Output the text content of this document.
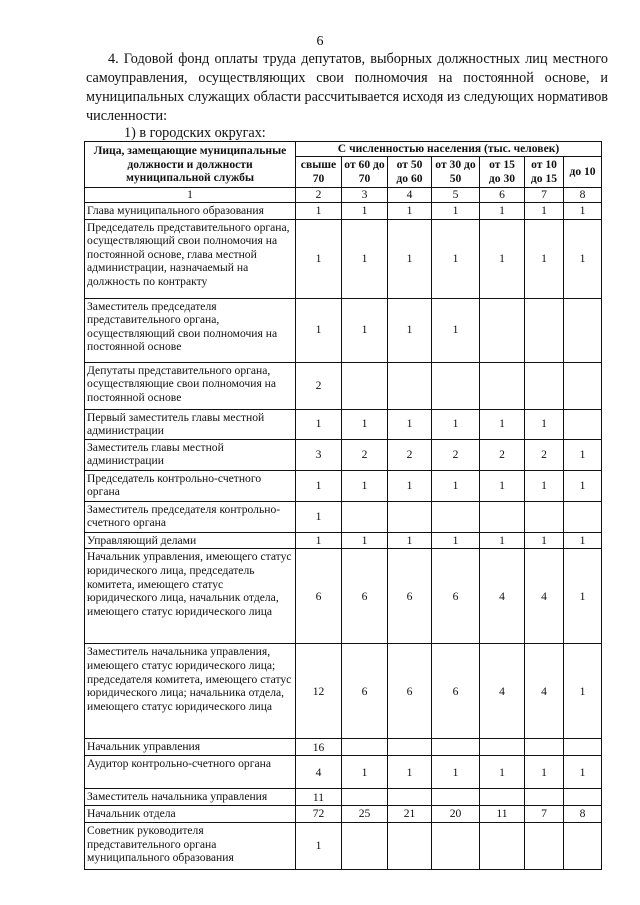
6

4. Годовой фонд оплаты труда депутатов, выборных должностных лиц местного самоуправления, осуществляющих свои полномочия на постоянной основе, и муниципальных служащих области рассчитывается исходя из следующих нормативов численности:

1) в городских округах:
Лица, замещающие муниципальные должности и должности муниципальной службы	С численностью населения (тыс. человек)						
	свыше 70	от 60 до 70	от 50 до 60	от 30 до 50	от 15 до 30	от 10 до 15	до 10
1	2	3	4	5	6	7	8
Глава муниципального образования	1	1	1	1	1	1	1
Председатель представительного органа, осуществляющий свои полномочия на постоянной основе, глава местной администрации, назначаемый на должность по контракту	1	1	1	1	1	1	1
Заместитель председателя представительного органа, осуществляющий свои полномочия на постоянной основе	1	1	1	1			
Депутаты представительного органа, осуществляющие свои полномочия на постоянной основе	2						
Первый заместитель главы местной администрации	1	1	1	1	1	1	
Заместитель главы местной администрации	3	2	2	2	2	2	1
Председатель контрольно-счетного органа	1	1	1	1	1	1	1
Заместитель председателя контрольно-счетного органа	1						
Управляющий делами	1	1	1	1	1	1	1
Начальник управления, имеющего статус юридического лица, председатель комитета, имеющего статус юридического лица, начальник отдела, имеющего статус юридического лица	6	6	6	6	4	4	1
Заместитель начальника управления, имеющего статус юридического лица; председателя комитета, имеющего статус юридического лица; начальника отдела, имеющего статус юридического лица	12	6	6	6	4	4	1
Начальник управления	16						
Аудитор контрольно-счетного органа	4	1	1	1	1	1	1
Заместитель начальника управления	11						
Начальник отдела	72	25	21	20	11	7	8
Советник руководителя представительного органа муниципального образования	1						
